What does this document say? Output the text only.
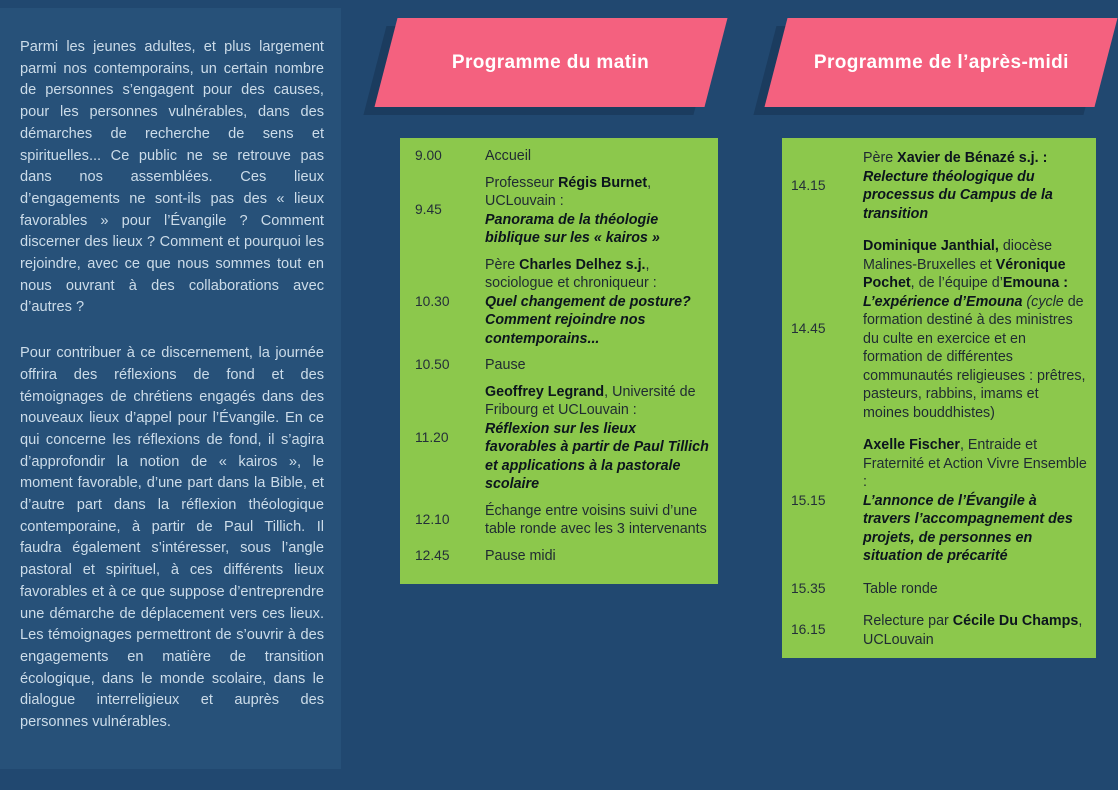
Parmi les jeunes adultes, et plus largement parmi nos contemporains, un certain nombre de personnes s’engagent pour des causes, pour les personnes vulnérables, dans des démarches de recherche de sens et spirituelles... Ce public ne se retrouve pas dans nos assemblées. Ces lieux d’engagements ne sont-ils pas des « lieux favorables » pour l’Évangile ? Comment discerner des lieux ? Comment et pourquoi les rejoindre, avec ce que nous sommes tout en nous ouvrant à des collaborations avec d’autres ?

Pour contribuer à ce discernement, la journée offrira des réflexions de fond et des témoignages de chrétiens engagés dans des nouveaux lieux d’appel pour l’Évangile. En ce qui concerne les réflexions de fond, il s’agira d’approfondir la notion de « kairos », le moment favorable, d’une part dans la Bible, et d’autre part dans la réflexion théologique contemporaine, à partir de Paul Tillich. Il faudra également s’intéresser, sous l’angle pastoral et spirituel, à ces différents lieux favorables et à ce que suppose d’entreprendre une démarche de déplacement vers ces lieux. Les témoignages permettront de s’ouvrir à des engagements en matière de transition écologique, dans le monde scolaire, dans le dialogue interreligieux et auprès des personnes vulnérables.

Programme du matin	Programme de l’après-midi
9.00	Accueil
9.45
Professeur Régis Burnet, UCLouvain :
Panorama de la théologie biblique sur les « kairos »
10.30
Père Charles Delhez s.j., sociologue et chroniqueur :
Quel changement de posture? Comment rejoindre nos contemporains...
10.50	Pause
11.20
Geoffrey Legrand, Université de Fribourg et UCLouvain :
Réflexion sur les lieux favorables à partir de Paul Tillich et applications à la pastorale scolaire
12.10
Échange entre voisins suivi d’une table ronde avec les 3 intervenants
12.45	Pause midi
14.15
Père Xavier de Bénazé s.j. :
Relecture théologique du processus du Campus de la transition
14.45
Dominique Janthial, diocèse Malines-Bruxelles et Véronique Pochet, de l’équipe d’Emouna :
L’expérience d’Emouna (cycle de formation destiné à des ministres du culte en exercice et en formation de différentes communautés religieuses : prêtres, pasteurs, rabbins, imams et moines bouddhistes)
15.15
Axelle Fischer, Entraide et Fraternité et Action Vivre Ensemble :
L’annonce de l’Évangile à travers l’accompagnement des projets, de personnes en situation de précarité
15.35	Table ronde
16.15
Relecture par Cécile Du Champs, UCLouvain
